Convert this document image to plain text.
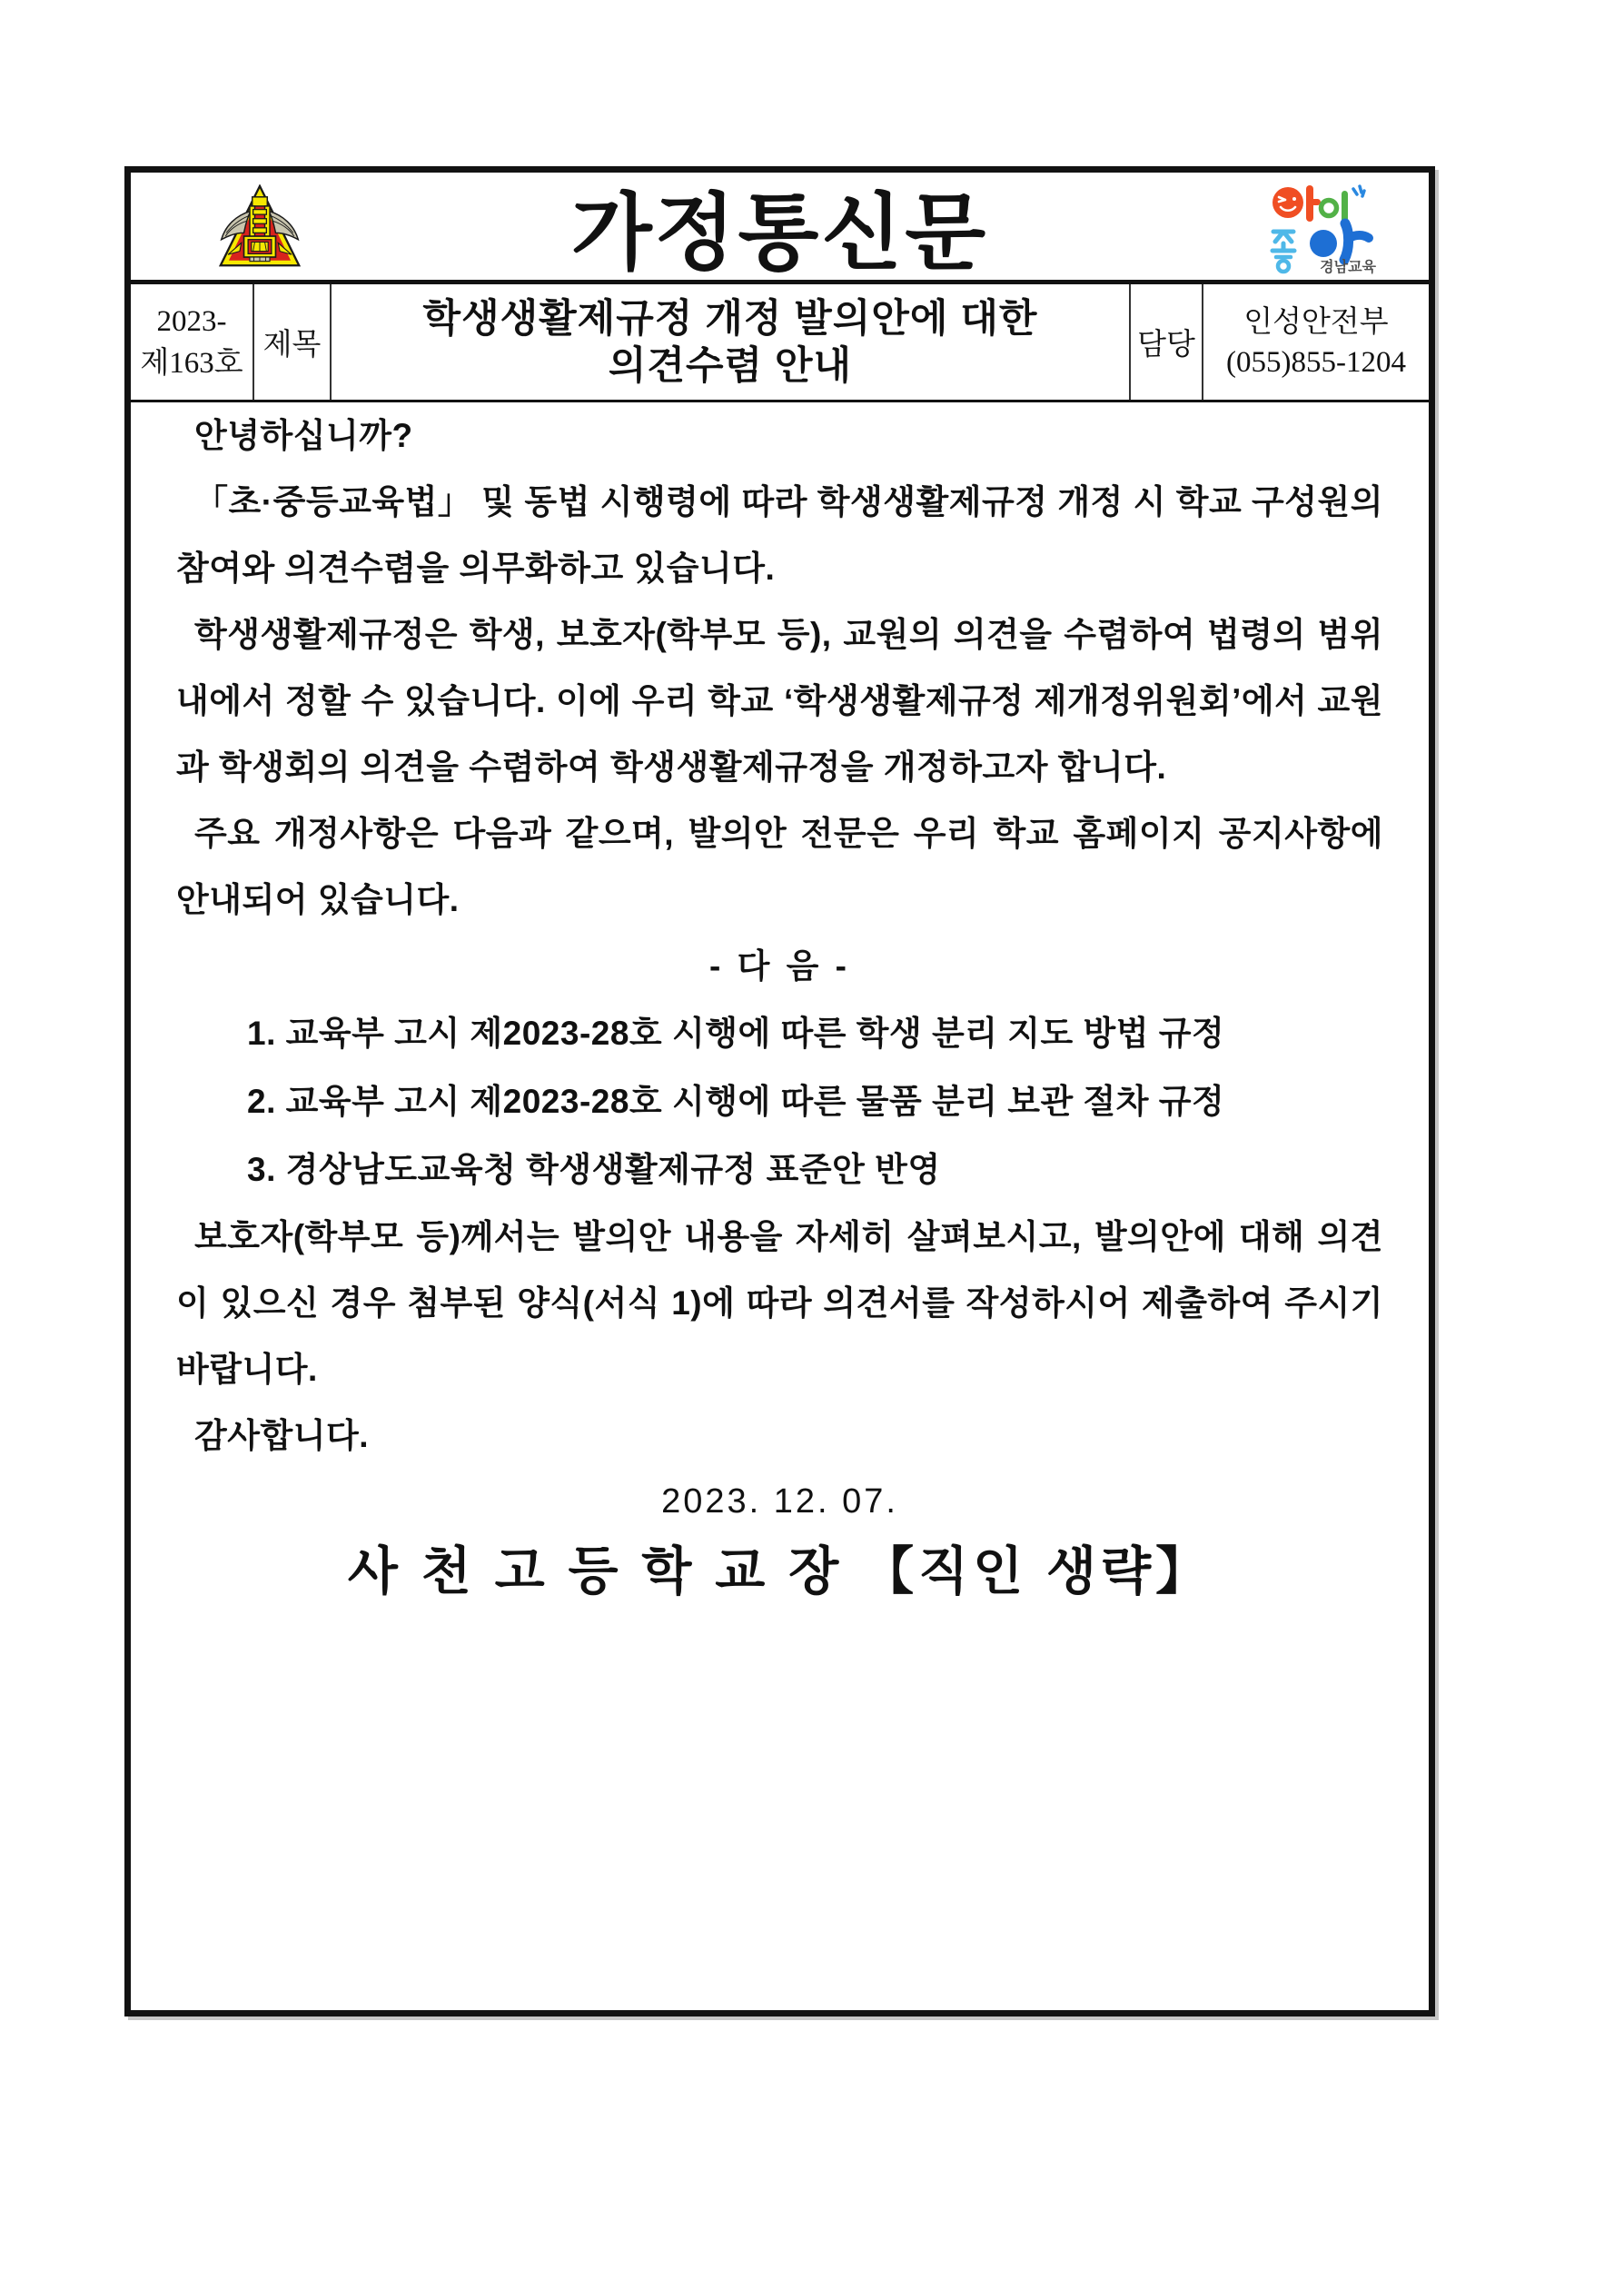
가정통신문	경남교육
2023-
제163호
제목
학생생활제규정 개정 발의안에 대한
의견수렴 안내	담당
인성안전부
(055)855-1204

안녕하십니까?

「초·중등교육법」 및 동법 시행령에 따라 학생생활제규정 개정 시 학교 구성원의 참여와 의견수렴을 의무화하고 있습니다.

학생생활제규정은 학생, 보호자(학부모 등), 교원의 의견을 수렴하여 법령의 범위 내에서 정할 수 있습니다. 이에 우리 학교 ‘학생생활제규정 제개정위원회’에서 교원과 학생회의 의견을 수렴하여 학생생활제규정을 개정하고자 합니다.

주요 개정사항은 다음과 같으며, 발의안 전문은 우리 학교 홈페이지 공지사항에 안내되어 있습니다.

- 다 음 -

1. 교육부 고시 제2023-28호 시행에 따른 학생 분리 지도 방법 규정
2. 교육부 고시 제2023-28호 시행에 따른 물품 분리 보관 절차 규정
3. 경상남도교육청 학생생활제규정 표준안 반영

보호자(학부모 등)께서는 발의안 내용을 자세히 살펴보시고, 발의안에 대해 의견이 있으신 경우 첨부된 양식(서식 1)에 따라 의견서를 작성하시어 제출하여 주시기 바랍니다.

감사합니다.

2023. 12. 07.

사 천 고 등 학 교 장 【직인 생략】
